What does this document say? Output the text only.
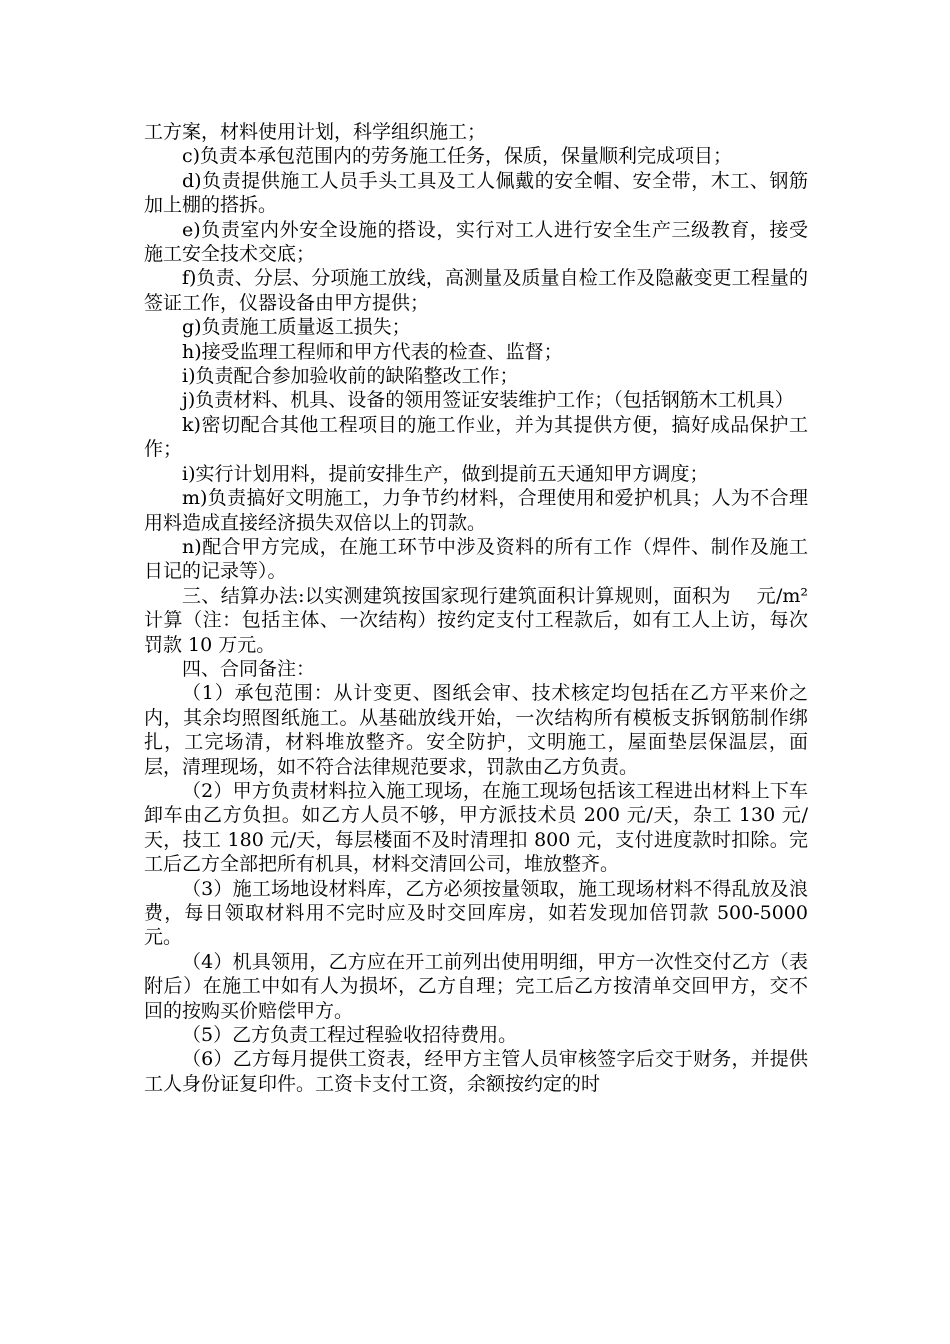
工方案，材料使用计划，科学组织施工；

c)负责本承包范围内的劳务施工任务，保质，保量顺利完成项目；

d)负责提供施工人员手头工具及工人佩戴的安全帽、安全带，木工、钢筋加上棚的搭拆。

e)负责室内外安全设施的搭设，实行对工人进行安全生产三级教育，接受施工安全技术交底；

f)负责、分层、分项施工放线，高测量及质量自检工作及隐蔽变更工程量的签证工作，仪器设备由甲方提供；

g)负责施工质量返工损失；

h)接受监理工程师和甲方代表的检查、监督；

i)负责配合参加验收前的缺陷整改工作；

j)负责材料、机具、设备的领用签证安装维护工作；（包括钢筋木工机具）

k)密切配合其他工程项目的施工作业，并为其提供方便，搞好成品保护工作；

i)实行计划用料，提前安排生产，做到提前五天通知甲方调度；

m)负责搞好文明施工，力争节约材料，合理使用和爱护机具；人为不合理用料造成直接经济损失双倍以上的罚款。

n)配合甲方完成，在施工环节中涉及资料的所有工作（焊件、制作及施工日记的记录等）。

三、结算办法:以实测建筑按国家现行建筑面积计算规则，面积为　 元/m² 计算（注：包括主体、一次结构）按约定支付工程款后，如有工人上访，每次罚款 10 万元。

四、合同备注：

（1）承包范围：从计变更、图纸会审、技术核定均包括在乙方平来价之内，其余均照图纸施工。从基础放线开始，一次结构所有模板支拆钢筋制作绑扎，工完场清，材料堆放整齐。安全防护，文明施工，屋面垫层保温层，面层，清理现场，如不符合法律规范要求，罚款由乙方负责。

（2）甲方负责材料拉入施工现场，在施工现场包括该工程进出材料上下车卸车由乙方负担。如乙方人员不够，甲方派技术员 200 元/天，杂工 130 元/天，技工 180 元/天，每层楼面不及时清理扣 800 元，支付进度款时扣除。完工后乙方全部把所有机具，材料交清回公司，堆放整齐。

（3）施工场地设材料库，乙方必须按量领取，施工现场材料不得乱放及浪费，每日领取材料用不完时应及时交回库房，如若发现加倍罚款 500-5000 元。

（4）机具领用，乙方应在开工前列出使用明细，甲方一次性交付乙方（表附后）在施工中如有人为损坏，乙方自理；完工后乙方按清单交回甲方，交不回的按购买价赔偿甲方。

（5）乙方负责工程过程验收招待费用。

（6）乙方每月提供工资表，经甲方主管人员审核签字后交于财务，并提供工人身份证复印件。工资卡支付工资，余额按约定的时
